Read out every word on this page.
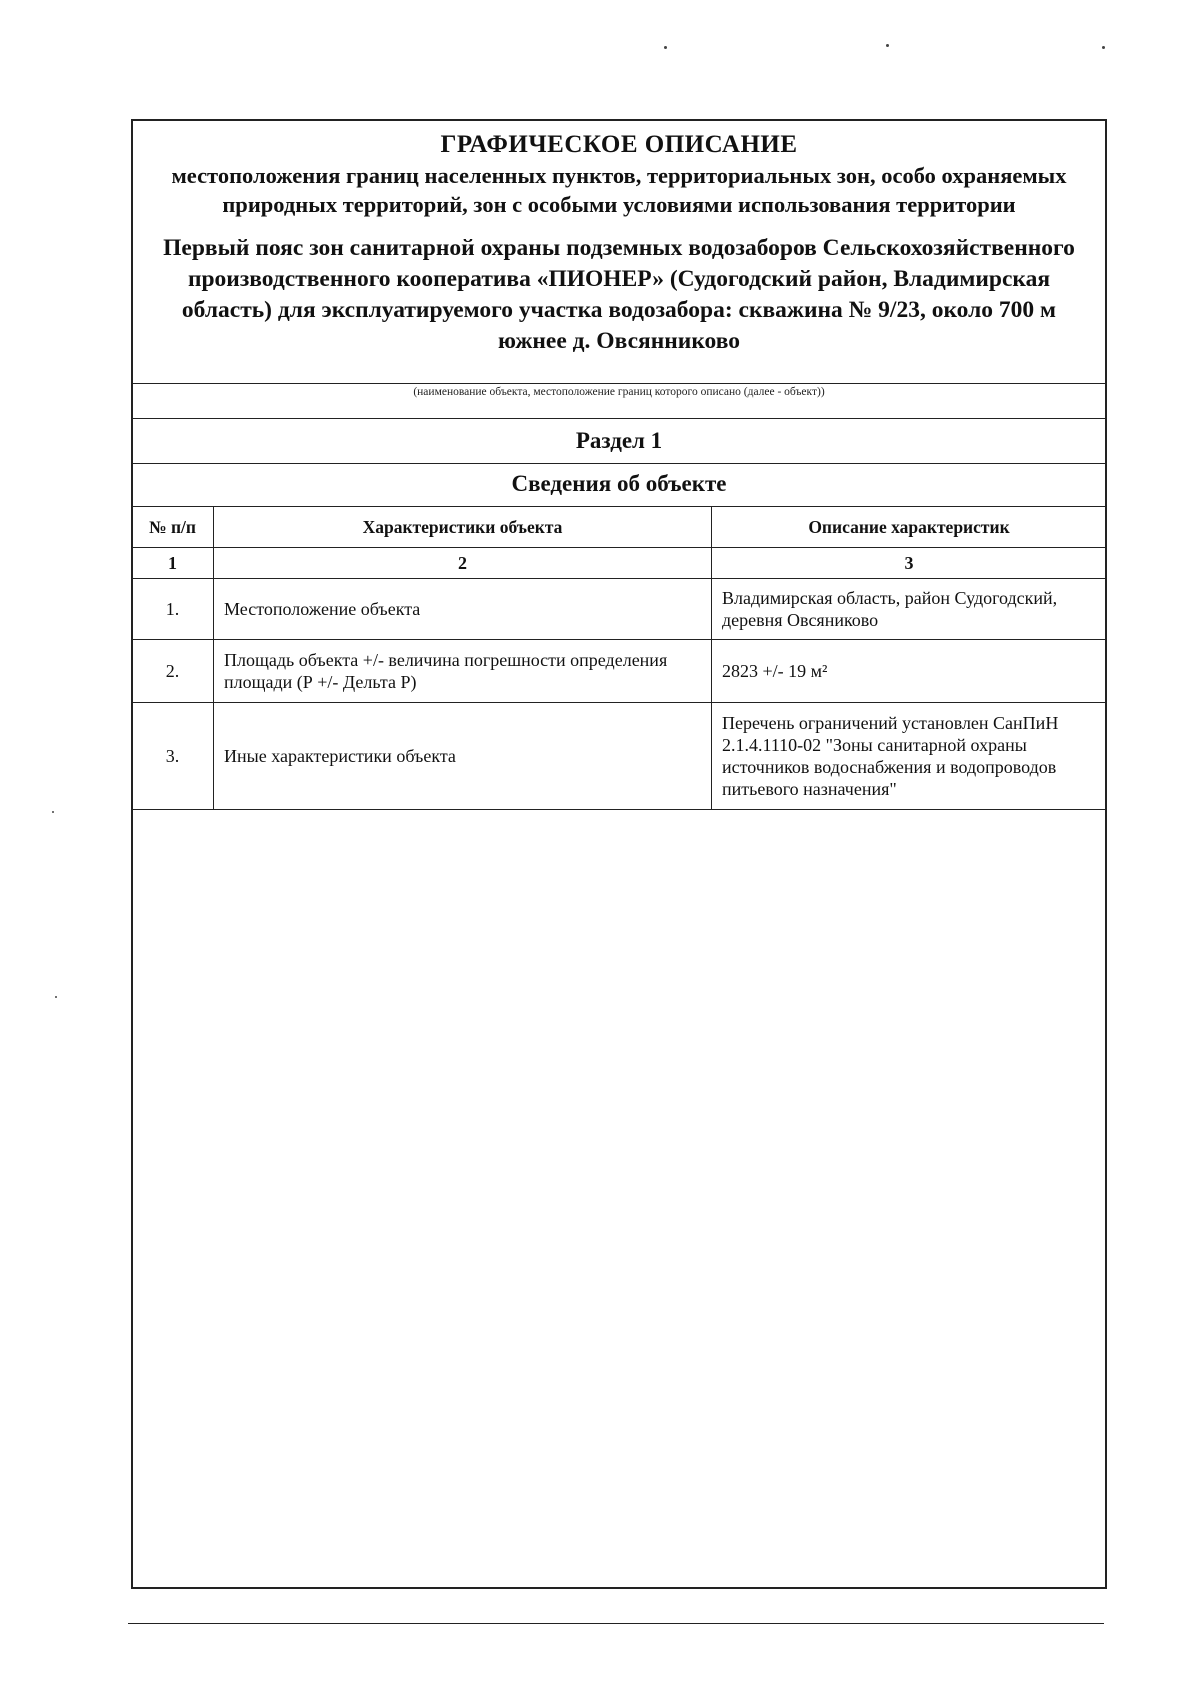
ГРАФИЧЕСКОЕ ОПИСАНИЕ
местоположения границ населенных пунктов, территориальных зон, особо охраняемых природных территорий, зон с особыми условиями использования территории
Первый пояс зон санитарной охраны подземных водозаборов Сельскохозяйственного производственного кооператива «ПИОНЕР» (Судогодский район, Владимирская область) для эксплуатируемого участка водозабора: скважина № 9/23, около 700 м южнее д. Овсянниково
(наименование объекта, местоположение границ которого описано (далее - объект))
Раздел 1
Сведения об объекте
№ п/п	Характеристики объекта	Описание характеристик
1	2	3
1.	Местоположение объекта	Владимирская область, район Судогодский, деревня Овсяниково
2.	Площадь объекта +/- величина погрешности определения площади (Р +/- Дельта Р)	2823 +/- 19 м²
3.	Иные характеристики объекта	Перечень ограничений установлен СанПиН 2.1.4.1110-02 "Зоны санитарной охраны источников водоснабжения и водопроводов питьевого назначения"
